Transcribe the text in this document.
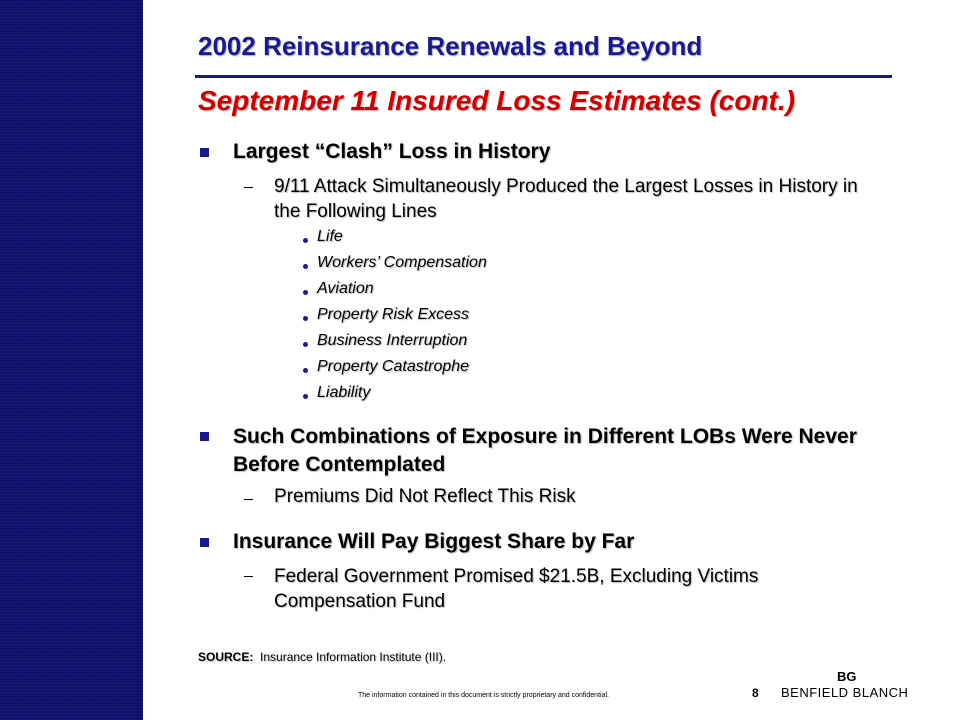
2002 Reinsurance Renewals and Beyond
September 11 Insured Loss Estimates (cont.)
Largest “Clash” Loss in History
9/11 Attack Simultaneously Produced the Largest Losses in History in the Following Lines
Life
Workers’ Compensation
Aviation
Property Risk Excess
Business Interruption
Property Catastrophe
Liability
Such Combinations of Exposure in Different LOBs Were Never Before Contemplated
Premiums Did Not Reflect This Risk
Insurance Will Pay Biggest Share by Far
Federal Government Promised $21.5B, Excluding Victims Compensation Fund
SOURCE: Insurance Information Institute (III).
The information contained in this document is strictly proprietary and confidential.	8
BG
BENFIELD BLANCH
